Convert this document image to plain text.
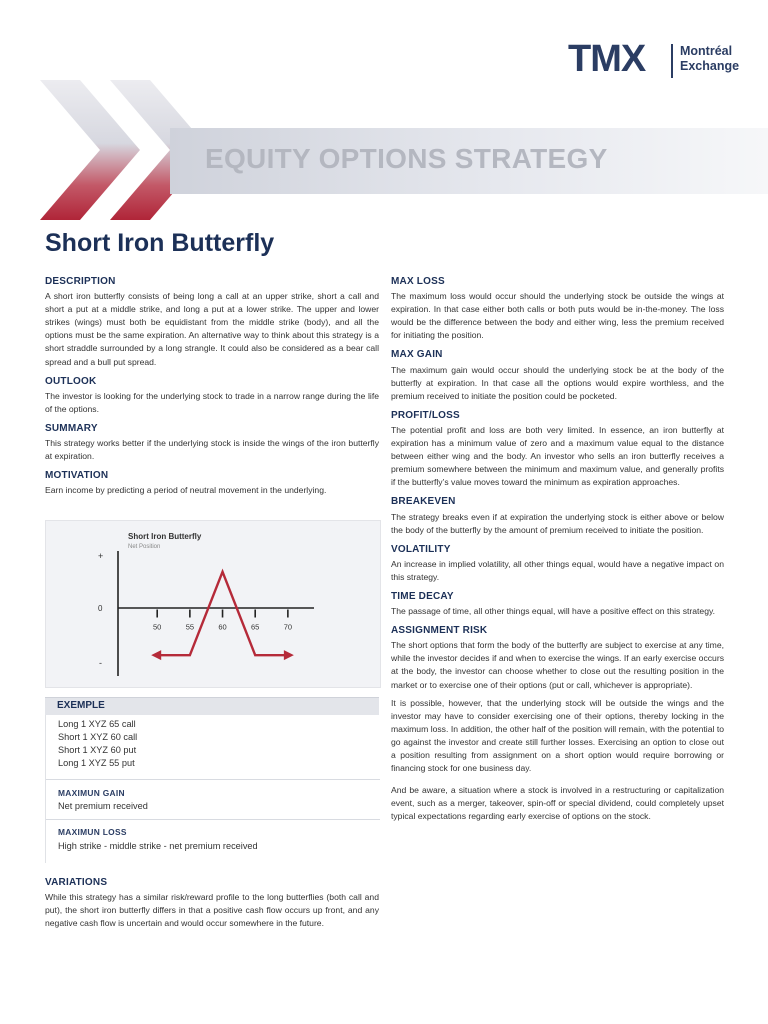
EQUITY OPTIONS STRATEGY
TMX	Montréal
Exchange
Short Iron Butterfly
DESCRIPTION

A short iron butterfly consists of being long a call at an upper strike, short a call and short a put at a middle strike, and long a put at a lower strike. The upper and lower strikes (wings) must both be equidistant from the middle strike (body), and all the options must be the same expiration. An alternative way to think about this strategy is a short straddle surrounded by a long strangle. It could also be considered as a bear call spread and a bull put spread.

OUTLOOK

The investor is looking for the underlying stock to trade in a narrow range during the life of the options.

SUMMARY

This strategy works better if the underlying stock is inside the wings of the iron butterfly at expiration.

MOTIVATION

Earn income by predicting a period of neutral movement in the underlying.

Short Iron Butterfly
Net Position
+
0
-
50	55	60	65	70
EXEMPLE
Long 1 XYZ 65 call
Short 1 XYZ 60 call
Short 1 XYZ 60 put
Long 1 XYZ 55 put
MAXIMUN GAIN
Net premium received
MAXIMUN LOSS
High strike - middle strike - net premium received
VARIATIONS

While this strategy has a similar risk/reward profile to the long butterflies (both call and put), the short iron butterfly differs in that a positive cash flow occurs up front, and any negative cash flow is uncertain and would occur somewhere in the future.

MAX LOSS

The maximum loss would occur should the underlying stock be outside the wings at expiration. In that case either both calls or both puts would be in-the-money. The loss would be the difference between the body and either wing, less the premium received for initiating the position.

MAX GAIN

The maximum gain would occur should the underlying stock be at the body of the butterfly at expiration. In that case all the options would expire worthless, and the premium received to initiate the position could be pocketed.

PROFIT/LOSS

The potential profit and loss are both very limited. In essence, an iron butterfly at expiration has a minimum value of zero and a maximum value equal to the distance between either wing and the body. An investor who sells an iron butterfly receives a premium somewhere between the minimum and maximum value, and generally profits if the butterfly’s value moves toward the minimum as expiration approaches.

BREAKEVEN

The strategy breaks even if at expiration the underlying stock is either above or below the body of the butterfly by the amount of premium received to initiate the position.

VOLATILITY

An increase in implied volatility, all other things equal, would have a negative impact on this strategy.

TIME DECAY

The passage of time, all other things equal, will have a positive effect on this strategy.

ASSIGNMENT RISK

The short options that form the body of the butterfly are subject to exercise at any time, while the investor decides if and when to exercise the wings. If an early exercise occurs at the body, the investor can choose whether to close out the resulting position in the market or to exercise one of their options (put or call, whichever is appropriate).

It is possible, however, that the underlying stock will be outside the wings and the investor may have to consider exercising one of their options, thereby locking in the maximum loss. In addition, the other half of the position will remain, with the potential to go against the investor and create still further losses. Exercising an option to close out a position resulting from assignment on a short option would require borrowing or financing stock for one business day.

And be aware, a situation where a stock is involved in a restructuring or capitalization event, such as a merger, takeover, spin-off or special dividend, could completely upset typical expectations regarding early exercise of options on the stock.
